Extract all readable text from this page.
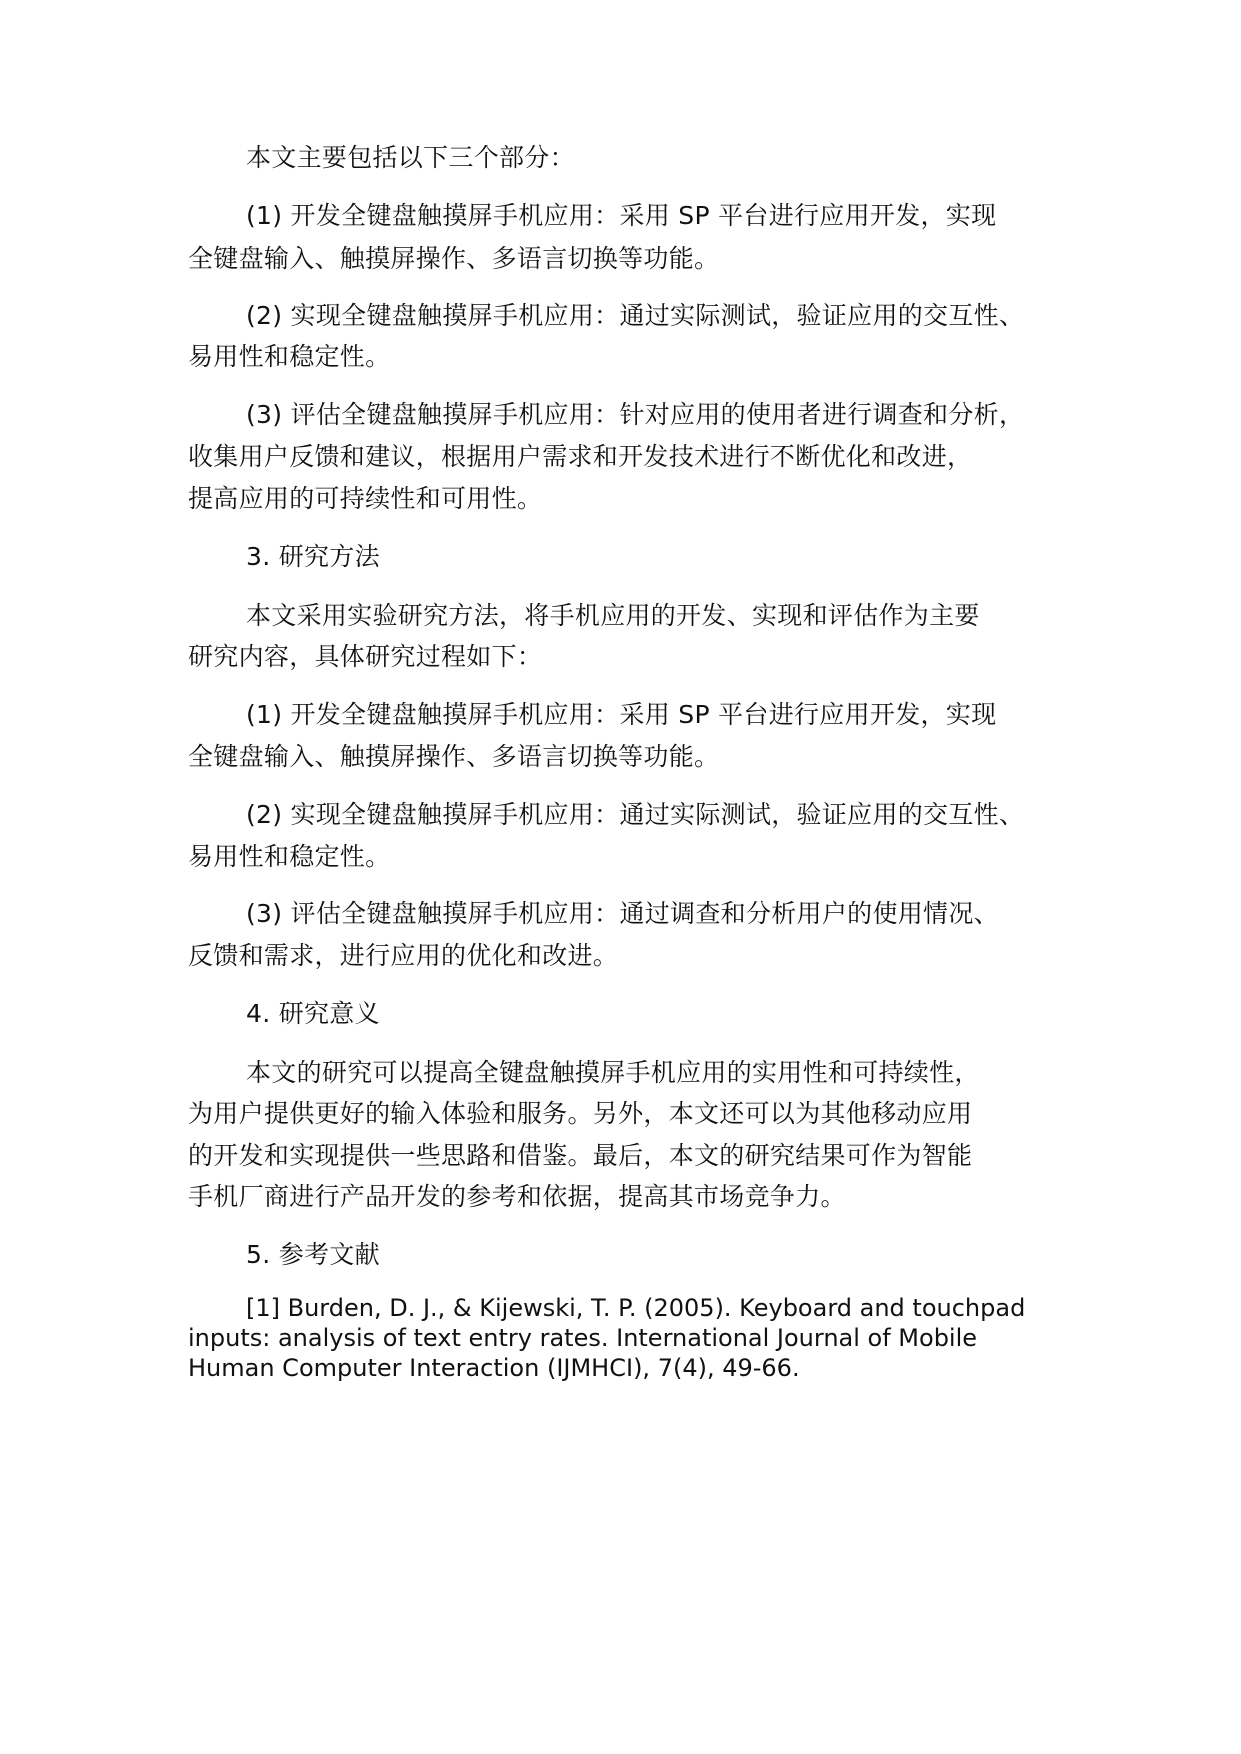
本文主要包括以下三个部分：
(1) 开发全键盘触摸屏手机应用：采用 SP 平台进行应用开发，实现
全键盘输入、触摸屏操作、多语言切换等功能。
(2) 实现全键盘触摸屏手机应用：通过实际测试，验证应用的交互性、
易用性和稳定性。
(3) 评估全键盘触摸屏手机应用：针对应用的使用者进行调查和分析，
收集用户反馈和建议，根据用户需求和开发技术进行不断优化和改进，
提高应用的可持续性和可用性。
3. 研究方法
本文采用实验研究方法，将手机应用的开发、实现和评估作为主要
研究内容，具体研究过程如下：
(1) 开发全键盘触摸屏手机应用：采用 SP 平台进行应用开发，实现
全键盘输入、触摸屏操作、多语言切换等功能。
(2) 实现全键盘触摸屏手机应用：通过实际测试，验证应用的交互性、
易用性和稳定性。
(3) 评估全键盘触摸屏手机应用：通过调查和分析用户的使用情况、
反馈和需求，进行应用的优化和改进。
4. 研究意义
本文的研究可以提高全键盘触摸屏手机应用的实用性和可持续性，
为用户提供更好的输入体验和服务。另外，本文还可以为其他移动应用
的开发和实现提供一些思路和借鉴。最后，本文的研究结果可作为智能
手机厂商进行产品开发的参考和依据，提高其市场竞争力。
5. 参考文献
[1] Burden, D. J., & Kijewski, T. P. (2005). Keyboard and touchpad
inputs: analysis of text entry rates. International Journal of Mobile
Human Computer Interaction (IJMHCI), 7(4), 49-66.
